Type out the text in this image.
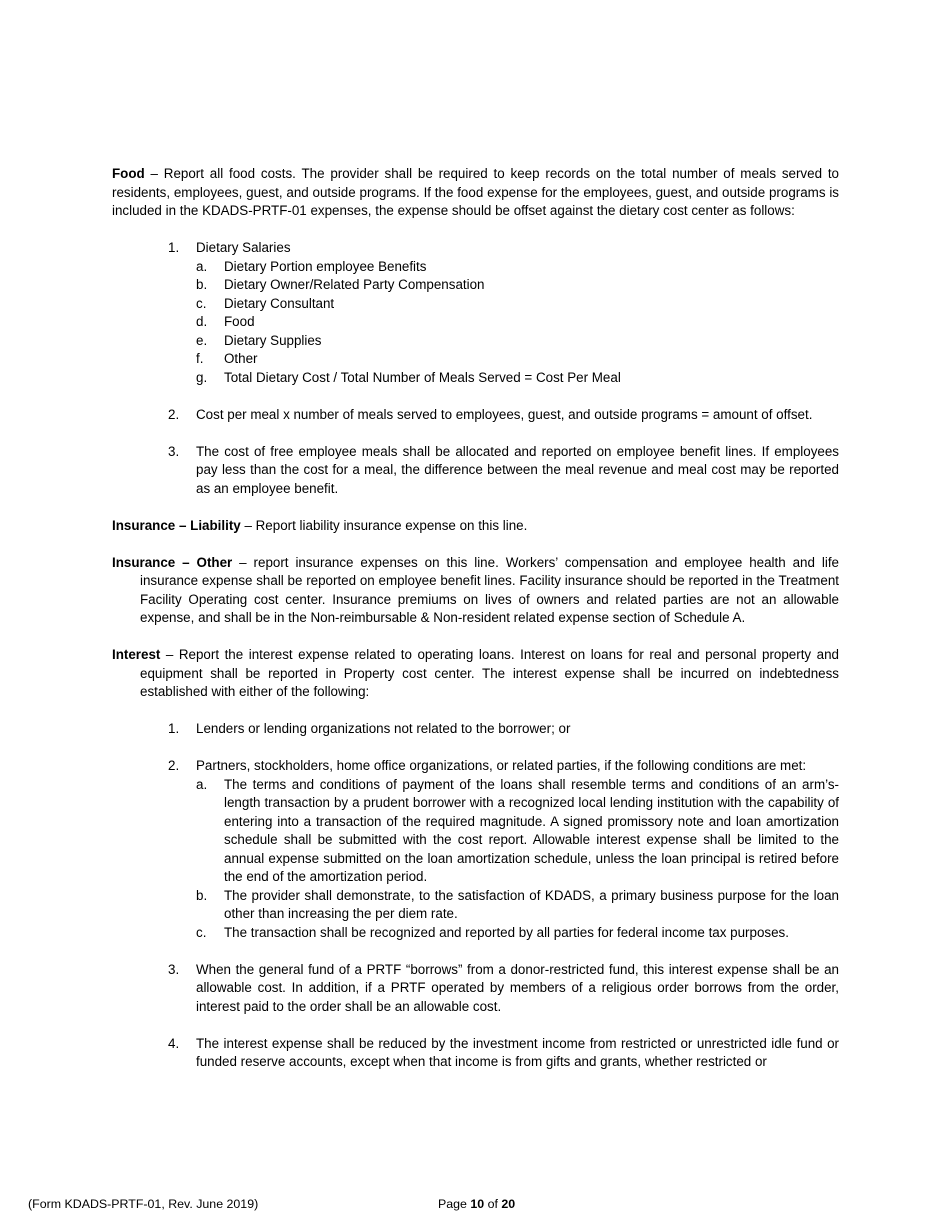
Food – Report all food costs. The provider shall be required to keep records on the total number of meals served to residents, employees, guest, and outside programs. If the food expense for the employees, guest, and outside programs is included in the KDADS-PRTF-01 expenses, the expense should be offset against the dietary cost center as follows:

1. Dietary Salaries
a. Dietary Portion employee Benefits
b. Dietary Owner/Related Party Compensation
c. Dietary Consultant
d. Food
e. Dietary Supplies
f. Other
g. Total Dietary Cost / Total Number of Meals Served = Cost Per Meal
2. Cost per meal x number of meals served to employees, guest, and outside programs = amount of offset.
3. The cost of free employee meals shall be allocated and reported on employee benefit lines. If employees pay less than the cost for a meal, the difference between the meal revenue and meal cost may be reported as an employee benefit.

Insurance – Liability – Report liability insurance expense on this line.

Insurance – Other – report insurance expenses on this line. Workers’ compensation and employee health and life insurance expense shall be reported on employee benefit lines. Facility insurance should be reported in the Treatment Facility Operating cost center. Insurance premiums on lives of owners and related parties are not an allowable expense, and shall be in the Non-reimbursable & Non-resident related expense section of Schedule A.

Interest – Report the interest expense related to operating loans. Interest on loans for real and personal property and equipment shall be reported in Property cost center. The interest expense shall be incurred on indebtedness established with either of the following:

1. Lenders or lending organizations not related to the borrower; or
2. Partners, stockholders, home office organizations, or related parties, if the following conditions are met:
a. The terms and conditions of payment of the loans shall resemble terms and conditions of an arm’s-length transaction by a prudent borrower with a recognized local lending institution with the capability of entering into a transaction of the required magnitude. A signed promissory note and loan amortization schedule shall be submitted with the cost report. Allowable interest expense shall be limited to the annual expense submitted on the loan amortization schedule, unless the loan principal is retired before the end of the amortization period.
b. The provider shall demonstrate, to the satisfaction of KDADS, a primary business purpose for the loan other than increasing the per diem rate.
c. The transaction shall be recognized and reported by all parties for federal income tax purposes.
3. When the general fund of a PRTF “borrows” from a donor-restricted fund, this interest expense shall be an allowable cost. In addition, if a PRTF operated by members of a religious order borrows from the order, interest paid to the order shall be an allowable cost.
4. The interest expense shall be reduced by the investment income from restricted or unrestricted idle fund or funded reserve accounts, except when that income is from gifts and grants, whether restricted or
(Form KDADS-PRTF-01, Rev. June 2019)	Page 10 of 20
